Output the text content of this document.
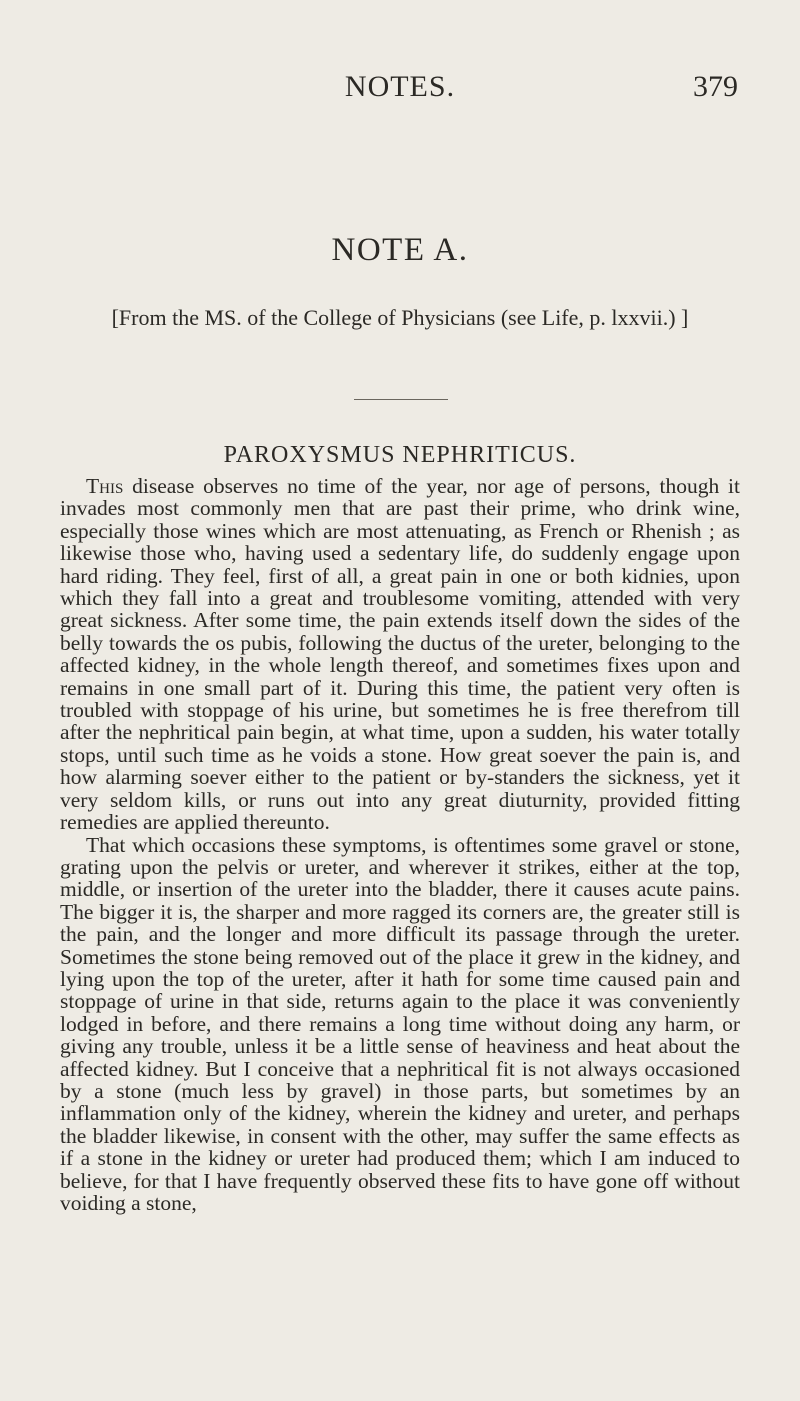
NOTES.	379
NOTE A.
[From the MS. of the College of Physicians (see Life, p. lxxvii.) ]
PAROXYSMUS NEPHRITICUS.

This disease observes no time of the year, nor age of persons, though it invades most commonly men that are past their prime, who drink wine, especially those wines which are most attenuating, as French or Rhenish ; as likewise those who, having used a sedentary life, do suddenly engage upon hard riding. They feel, first of all, a great pain in one or both kidnies, upon which they fall into a great and troublesome vomiting, attended with very great sickness. After some time, the pain extends itself down the sides of the belly towards the os pubis, following the ductus of the ureter, belonging to the affected kidney, in the whole length thereof, and sometimes fixes upon and remains in one small part of it. During this time, the patient very often is troubled with stoppage of his urine, but sometimes he is free therefrom till after the nephritical pain begin, at what time, upon a sudden, his water totally stops, until such time as he voids a stone. How great soever the pain is, and how alarming soever either to the patient or by-standers the sickness, yet it very seldom kills, or runs out into any great diuturnity, provided fitting remedies are applied thereunto.

That which occasions these symptoms, is oftentimes some gravel or stone, grating upon the pelvis or ureter, and wherever it strikes, either at the top, middle, or insertion of the ureter into the bladder, there it causes acute pains. The bigger it is, the sharper and more ragged its corners are, the greater still is the pain, and the longer and more difficult its passage through the ureter. Sometimes the stone being removed out of the place it grew in the kidney, and lying upon the top of the ureter, after it hath for some time caused pain and stoppage of urine in that side, returns again to the place it was conveniently lodged in before, and there remains a long time without doing any harm, or giving any trouble, unless it be a little sense of heaviness and heat about the affected kidney. But I conceive that a nephritical fit is not always occasioned by a stone (much less by gravel) in those parts, but sometimes by an inflammation only of the kidney, wherein the kidney and ureter, and perhaps the bladder likewise, in consent with the other, may suffer the same effects as if a stone in the kidney or ureter had produced them; which I am induced to believe, for that I have frequently observed these fits to have gone off without voiding a stone,
